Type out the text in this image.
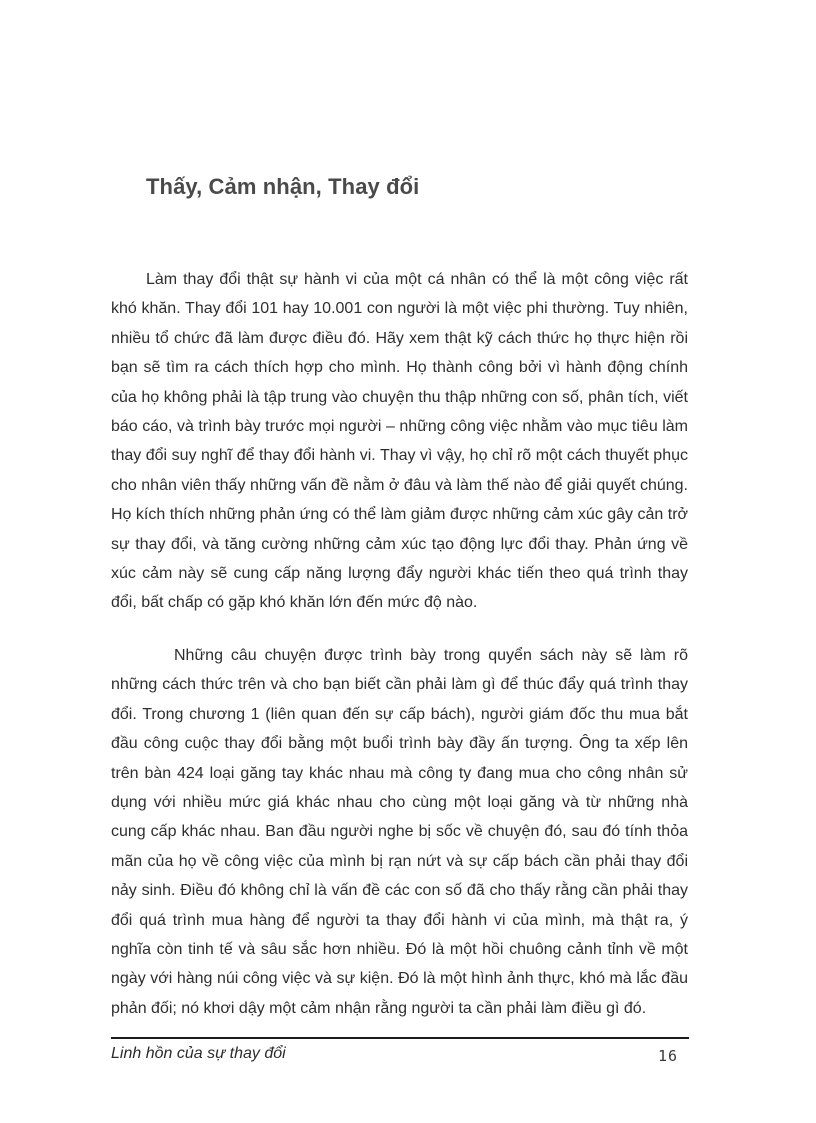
Thấy, Cảm nhận, Thay đổi

Làm thay đổi thật sự hành vi của một cá nhân có thể là một công việc rất khó khăn. Thay đổi 101 hay 10.001 con người là một việc phi thường. Tuy nhiên, nhiều tổ chức đã làm được điều đó. Hãy xem thật kỹ cách thức họ thực hiện rồi bạn sẽ tìm ra cách thích hợp cho mình. Họ thành công bởi vì hành động chính của họ không phải là tập trung vào chuyện thu thập những con số, phân tích, viết báo cáo, và trình bày trước mọi người – những công việc nhằm vào mục tiêu làm thay đổi suy nghĩ để thay đổi hành vi. Thay vì vậy, họ chỉ rõ một cách thuyết phục cho nhân viên thấy những vấn đề nằm ở đâu và làm thế nào để giải quyết chúng. Họ kích thích những phản ứng có thể làm giảm được những cảm xúc gây cản trở sự thay đổi, và tăng cường những cảm xúc tạo động lực đổi thay. Phản ứng về xúc cảm này sẽ cung cấp năng lượng đẩy người khác tiến theo quá trình thay đổi, bất chấp có gặp khó khăn lớn đến mức độ nào.

Những câu chuyện được trình bày trong quyển sách này sẽ làm rõ những cách thức trên và cho bạn biết cần phải làm gì để thúc đẩy quá trình thay đổi. Trong chương 1 (liên quan đến sự cấp bách), người giám đốc thu mua bắt đầu công cuộc thay đổi bằng một buổi trình bày đầy ấn tượng. Ông ta xếp lên trên bàn 424 loại găng tay khác nhau mà công ty đang mua cho công nhân sử dụng với nhiều mức giá khác nhau cho cùng một loại găng và từ những nhà cung cấp khác nhau. Ban đầu người nghe bị sốc về chuyện đó, sau đó tính thỏa mãn của họ về công việc của mình bị rạn nứt và sự cấp bách cần phải thay đổi nảy sinh. Điều đó không chỉ là vấn đề các con số đã cho thấy rằng cần phải thay đổi quá trình mua hàng để người ta thay đổi hành vi của mình, mà thật ra, ý nghĩa còn tinh tế và sâu sắc hơn nhiều. Đó là một hồi chuông cảnh tỉnh về một ngày với hàng núi công việc và sự kiện. Đó là một hình ảnh thực, khó mà lắc đầu phản đối; nó khơi dậy một cảm nhận rằng người ta cần phải làm điều gì đó.

Linh hồn của sự thay đổi	16
